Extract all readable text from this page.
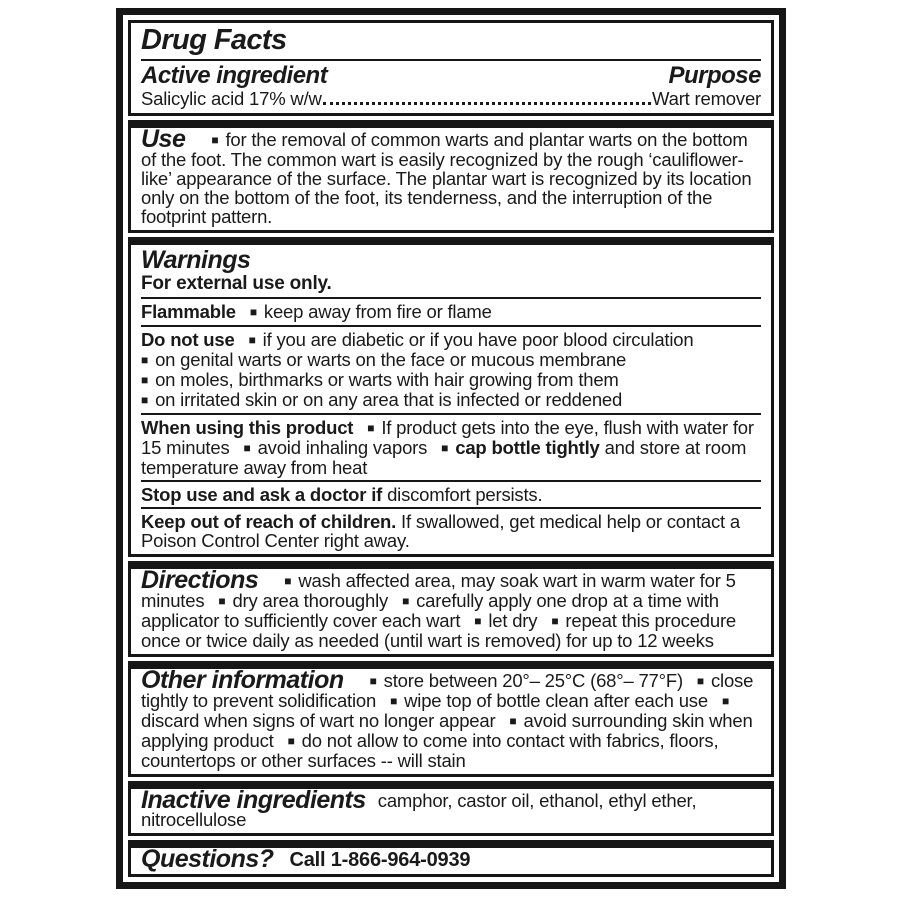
Drug Facts
Active ingredient	Purpose
Salicylic acid 17% w/w	Wart remover

Use ■ for the removal of common warts and plantar warts on the bottom of the foot. The common wart is easily recognized by the rough ‘cauliflower-like’ appearance of the surface. The plantar wart is recognized by its location only on the bottom of the foot, its tenderness, and the interruption of the footprint pattern.

Warnings
For external use only.

Flammable ■ keep away from fire or flame

Do not use ■ if you are diabetic or if you have poor blood circulation

■ on genital warts or warts on the face or mucous membrane

■ on moles, birthmarks or warts with hair growing from them

■ on irritated skin or on any area that is infected or reddened

When using this product ■ If product gets into the eye, flush with water for 15 minutes ■ avoid inhaling vapors ■ cap bottle tightly and store at room temperature away from heat

Stop use and ask a doctor if discomfort persists.

Keep out of reach of children. If swallowed, get medical help or contact a Poison Control Center right away.

Directions ■ wash affected area, may soak wart in warm water for 5 minutes ■ dry area thoroughly ■ carefully apply one drop at a time with applicator to sufficiently cover each wart ■ let dry ■ repeat this procedure once or twice daily as needed (until wart is removed) for up to 12 weeks

Other information ■ store between 20°– 25°C (68°– 77°F) ■ close tightly to prevent solidification ■ wipe top of bottle clean after each use ■discard when signs of wart no longer appear ■ avoid surrounding skin when applying product ■ do not allow to come into contact with fabrics, floors, countertops or other surfaces -- will stain

Inactive ingredients camphor, castor oil, ethanol, ethyl ether, nitrocellulose

Questions? Call 1-866-964-0939
